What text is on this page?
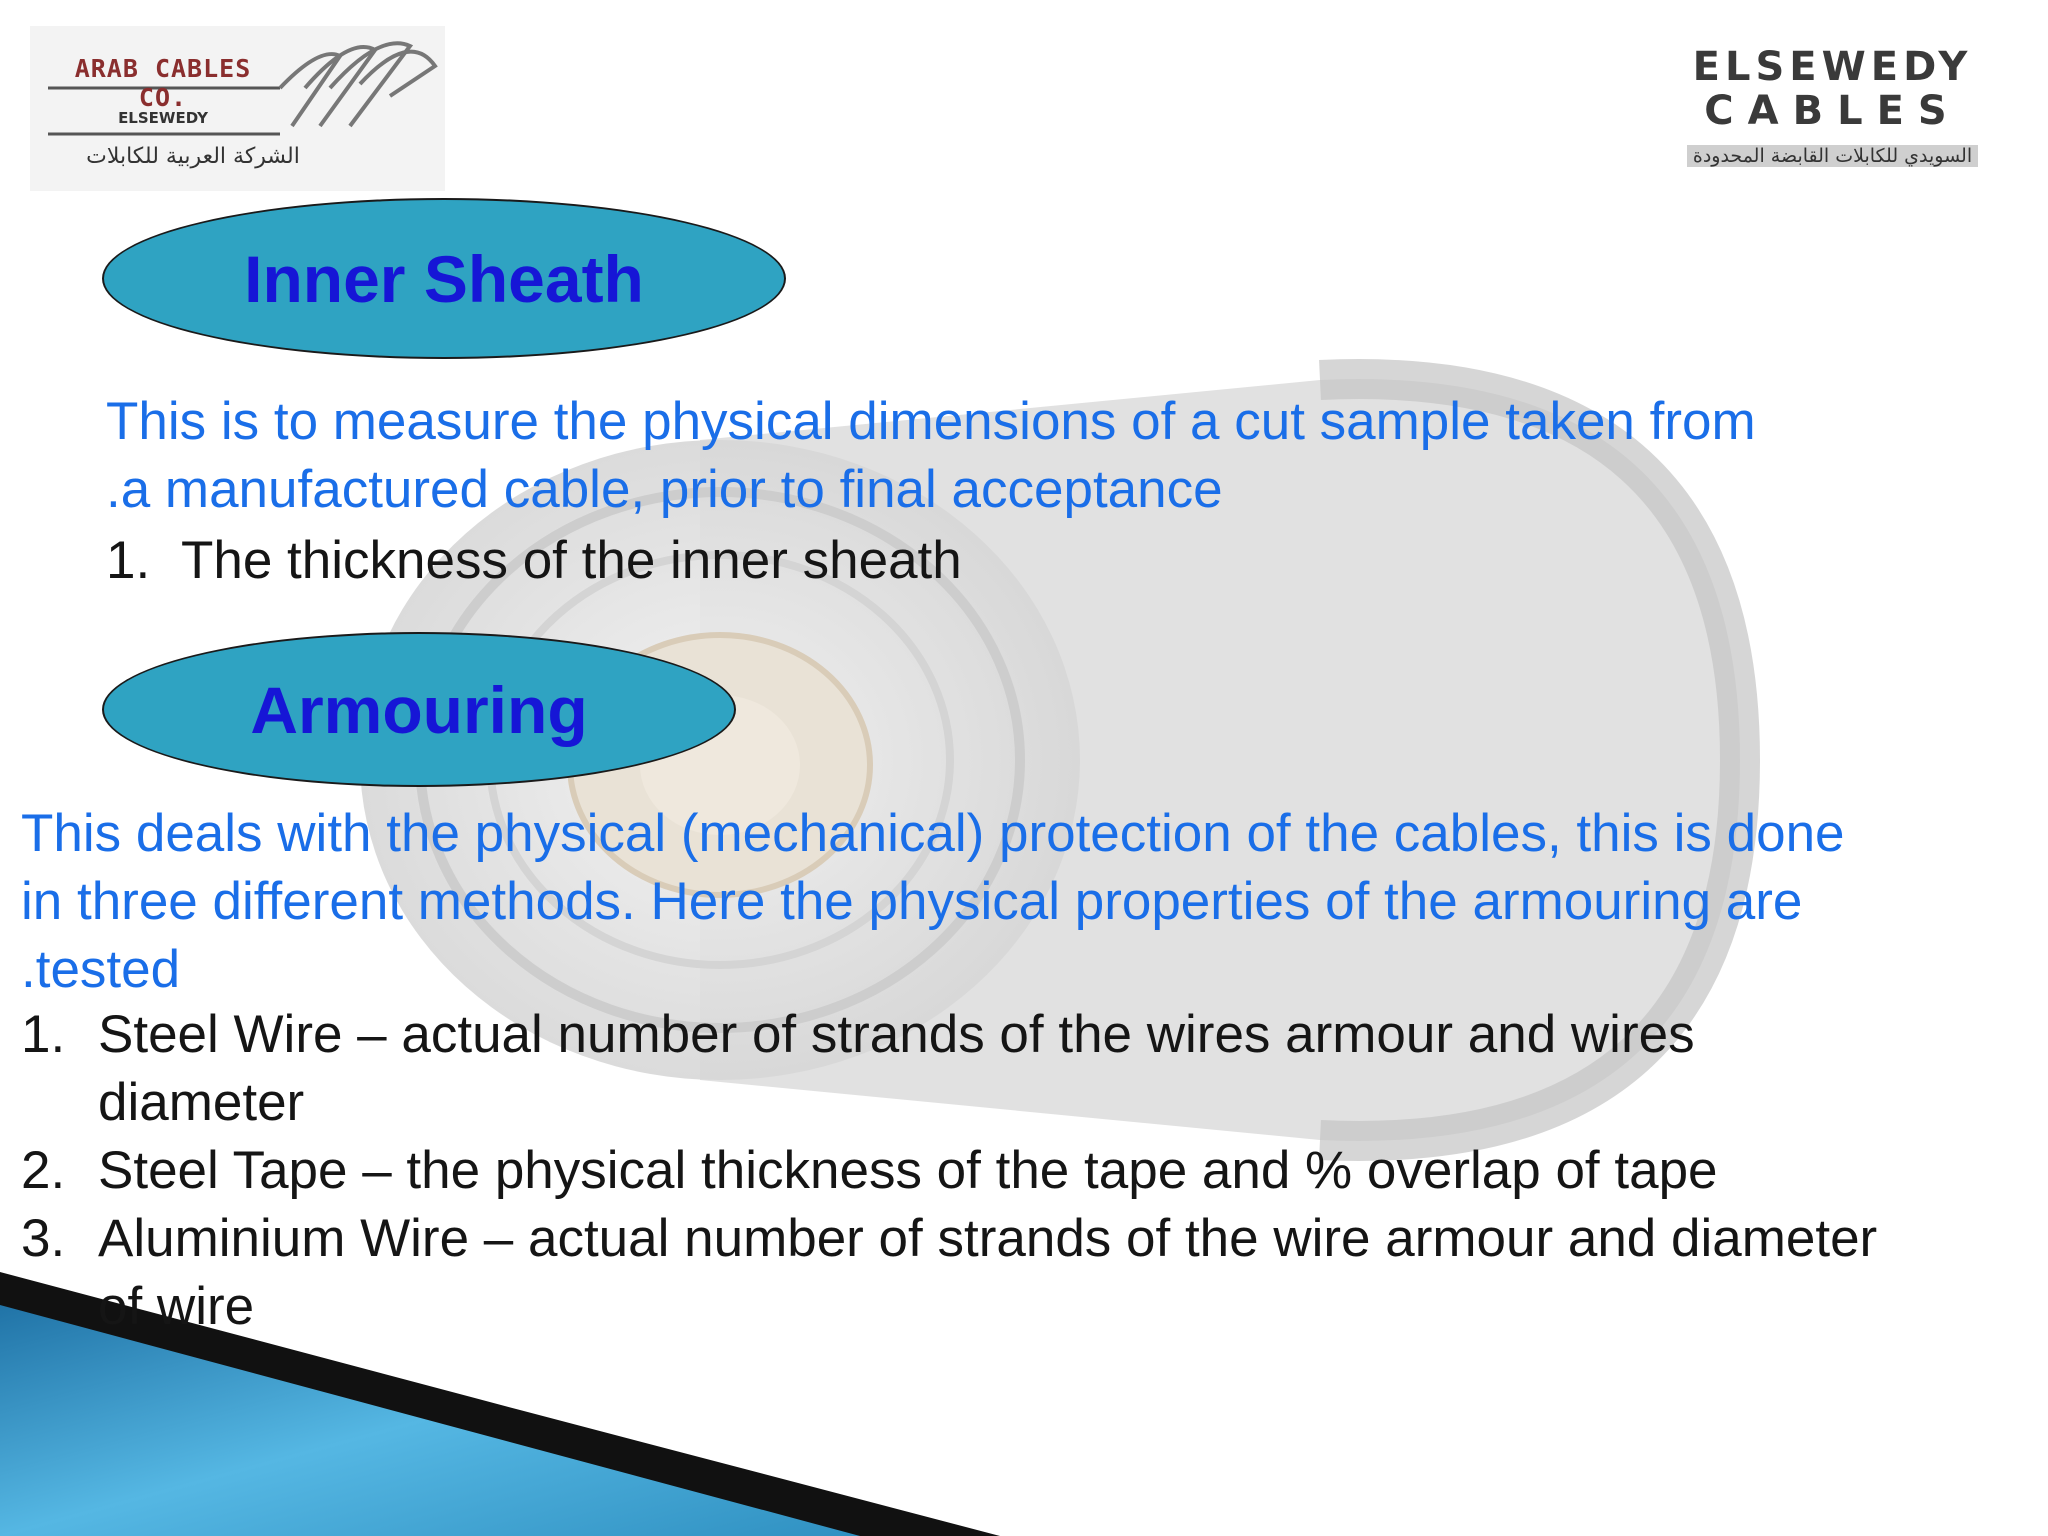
ARAB CABLES CO.
ELSEWEDY
الشركة العربية للكابلات
ELSEWEDY
CABLES
السويدي للكابلات القابضة المحدودة
Inner Sheath
This is to measure the physical dimensions of a cut sample taken from
.a manufactured cable, prior to final acceptance
1. The thickness of the inner sheath
Armouring
This deals with the physical (mechanical) protection of the cables, this is done
in three different methods. Here the physical properties of the armouring are
.tested
1. Steel Wire – actual number of strands of the wires armour and wires
diameter
2. Steel Tape – the physical thickness of the tape and % overlap of tape
3. Aluminium Wire – actual number of strands of the wire armour and diameter
of wire
